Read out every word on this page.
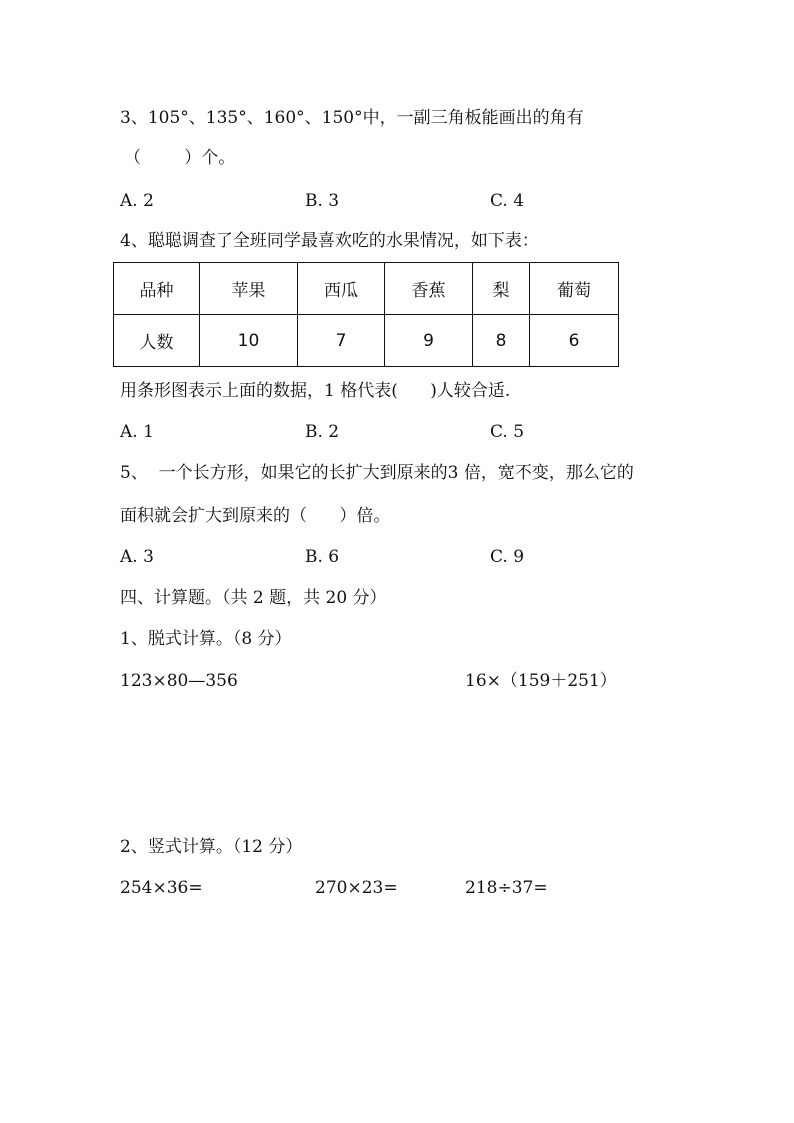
3、105°、135°、160°、150°中，一副三角板能画出的角有
（        ）个。
A. 2	B. 3	C. 4
4、聪聪调查了全班同学最喜欢吃的水果情况，如下表：
品种	苹果	西瓜	香蕉	梨	葡萄
人数	10	7	9	8	6
用条形图表示上面的数据，1 格代表(      )人较合适.
A. 1	B. 2	C. 5
5、  一个长方形，如果它的长扩大到原来的3 倍，宽不变，那么它的
面积就会扩大到原来的（      ）倍。
A. 3	B. 6	C. 9
四、计算题。（共 2 题，共 20 分）
1、脱式计算。（8 分）
123×80—356	16×（159＋251）
2、竖式计算。（12 分）
254×36=	270×23=	218÷37=
